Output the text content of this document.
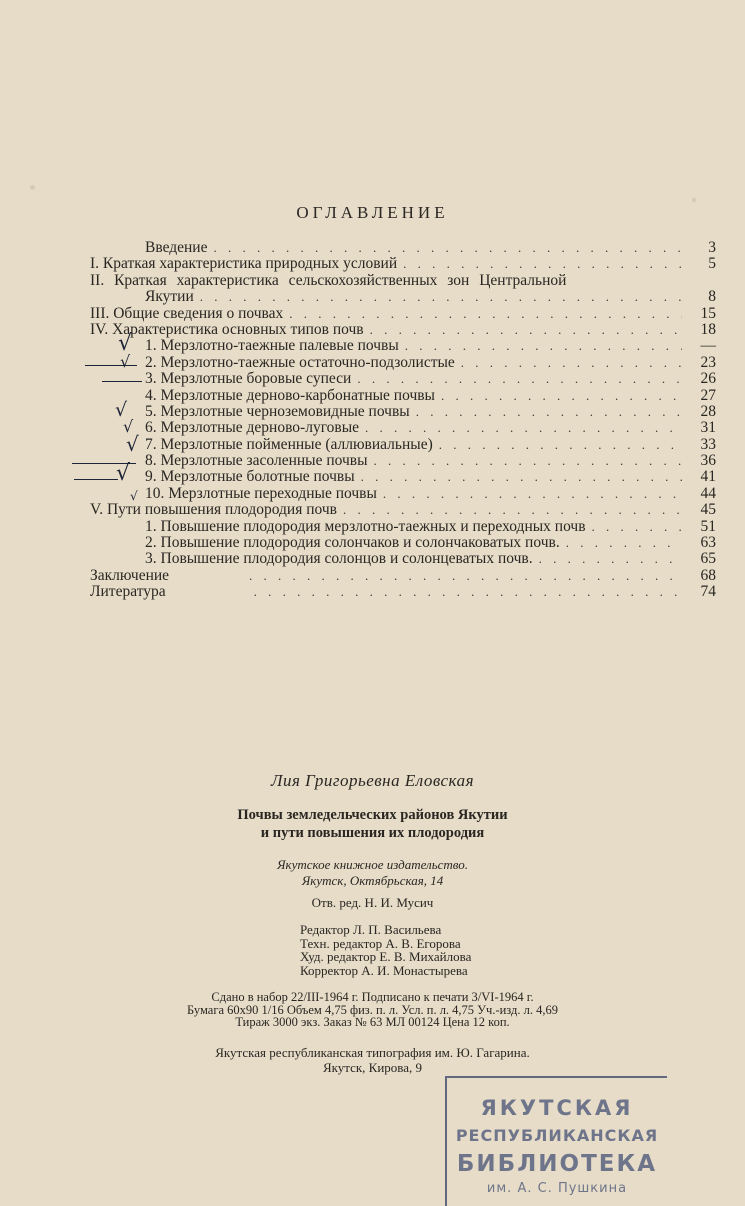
ОГЛАВЛЕНИЕ
Введение . . .	3
I. Краткая характеристика природных условий . . .	5
II. Краткая характеристика сельскохозяйственных зон Центральной
Якутии . . .	8
III. Общие сведения о почвах . . .	15
IV. Характеристика основных типов почв . . .	18
√ 1. Мерзлотно-таежные палевые почвы . . .	—
√ 2. Мерзлотно-таежные остаточно-подзолистые . . .	23
3. Мерзлотные боровые супеси . . .	26
4. Мерзлотные дерново-карбонатные почвы . . .	27
√ 5. Мерзлотные черноземовидные почвы . . .	28
√ 6. Мерзлотные дерново-луговые . . .	31
√ 7. Мерзлотные пойменные (аллювиальные) . . .	33
8. Мерзлотные засоленные почвы . . .	36
√ 9. Мерзлотные болотные почвы . . .	41
√ 10. Мерзлотные переходные почвы . . .	44
V. Пути повышения плодородия почв . . .	45
1. Повышение плодородия мерзлотно-таежных и переходных почв . . .	51
2. Повышение плодородия солончаков и солончаковатых почв. . . .	63
3. Повышение плодородия солонцов и солонцеватых почв. . . .	65
Заключение . . .	68
Литература . . .	74
Лия Григорьевна Еловская
Почвы земледельческих районов Якутии
и пути повышения их плодородия
Якутское книжное издательство.
Якутск, Октябрьская, 14
Отв. ред. Н. И. Мусич
Редактор Л. П. Васильева
Техн. редактор А. В. Егорова
Худ. редактор Е. В. Михайлова
Корректор А. И. Монастырева
Сдано в набор 22/III-1964 г. Подписано к печати 3/VI-1964 г.
Бумага 60x90 1/16 Объем 4,75 физ. п. л. Усл. п. л. 4,75 Уч.-изд. л. 4,69
Тираж 3000 экз. Заказ № 63 МЛ 00124 Цена 12 коп.
Якутская республиканская типография им. Ю. Гагарина.
Якутск, Кирова, 9
ЯКУТСКАЯ
РЕСПУБЛИКАНСКАЯ
БИБЛИОТЕКА
им. А. С. Пушкина
